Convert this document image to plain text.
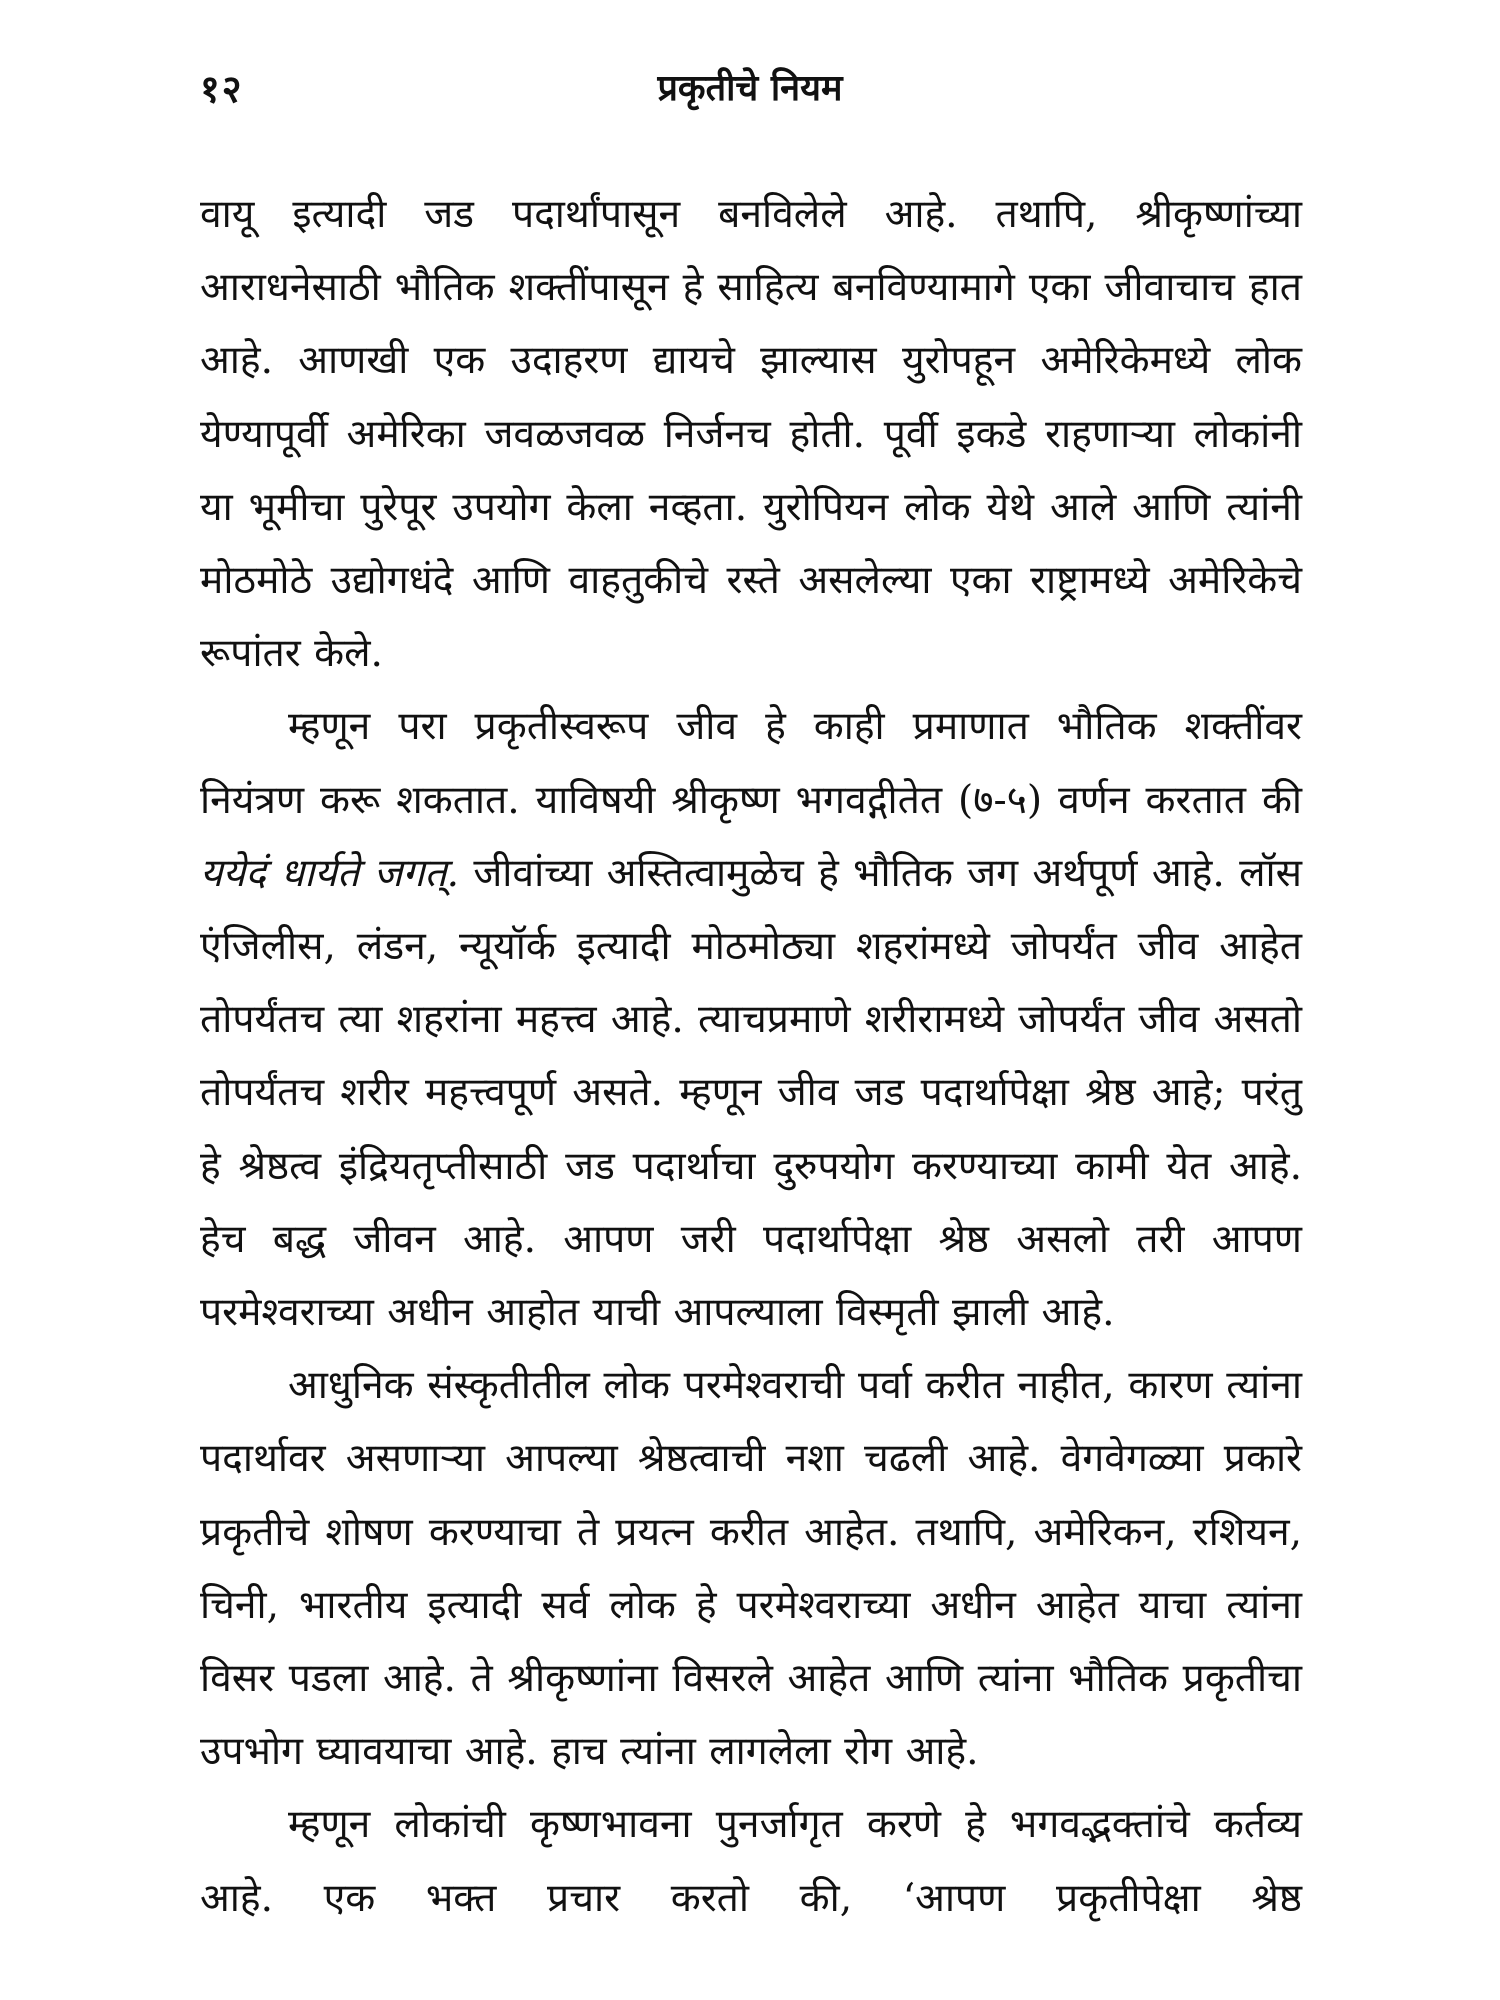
१२	प्रकृतीचे नियम

वायू इत्यादी जड पदार्थांपासून बनविलेले आहे. तथापि, श्रीकृष्णांच्या आराधनेसाठी भौतिक शक्तींपासून हे साहित्य बनविण्यामागे एका जीवाचाच हात आहे. आणखी एक उदाहरण द्यायचे झाल्यास युरोपहून अमेरिकेमध्ये लोक येण्यापूर्वी अमेरिका जवळजवळ निर्जनच होती. पूर्वी इकडे राहणाऱ्या लोकांनी या भूमीचा पुरेपूर उपयोग केला नव्हता. युरोपियन लोक येथे आले आणि त्यांनी मोठमोठे उद्योगधंदे आणि वाहतुकीचे रस्ते असलेल्या एका राष्ट्रामध्ये अमेरिकेचे रूपांतर केले.

म्हणून परा प्रकृतीस्वरूप जीव हे काही प्रमाणात भौतिक शक्तींवर नियंत्रण करू शकतात. याविषयी श्रीकृष्ण भगवद्गीतेत (७-५) वर्णन करतात की ययेदं धार्यते जगत्. जीवांच्या अस्तित्वामुळेच हे भौतिक जग अर्थपूर्ण आहे. लॉस एंजिलीस, लंडन, न्यूयॉर्क इत्यादी मोठमोठ्या शहरांमध्ये जोपर्यंत जीव आहेत तोपर्यंतच त्या शहरांना महत्त्व आहे. त्याचप्रमाणे शरीरामध्ये जोपर्यंत जीव असतो तोपर्यंतच शरीर महत्त्वपूर्ण असते. म्हणून जीव जड पदार्थापेक्षा श्रेष्ठ आहे; परंतु हे श्रेष्ठत्व इंद्रियतृप्तीसाठी जड पदार्थाचा दुरुपयोग करण्याच्या कामी येत आहे. हेच बद्ध जीवन आहे. आपण जरी पदार्थापेक्षा श्रेष्ठ असलो तरी आपण परमेश्वराच्या अधीन आहोत याची आपल्याला विस्मृती झाली आहे.

आधुनिक संस्कृतीतील लोक परमेश्वराची पर्वा करीत नाहीत, कारण त्यांना पदार्थावर असणाऱ्या आपल्या श्रेष्ठत्वाची नशा चढली आहे. वेगवेगळ्या प्रकारे प्रकृतीचे शोषण करण्याचा ते प्रयत्न करीत आहेत. तथापि, अमेरिकन, रशियन, चिनी, भारतीय इत्यादी सर्व लोक हे परमेश्वराच्या अधीन आहेत याचा त्यांना विसर पडला आहे. ते श्रीकृष्णांना विसरले आहेत आणि त्यांना भौतिक प्रकृतीचा उपभोग घ्यावयाचा आहे. हाच त्यांना लागलेला रोग आहे.

म्हणून लोकांची कृष्णभावना पुनर्जागृत करणे हे भगवद्भक्तांचे कर्तव्य आहे. एक भक्त प्रचार करतो की, ‘आपण प्रकृतीपेक्षा श्रेष्ठ
